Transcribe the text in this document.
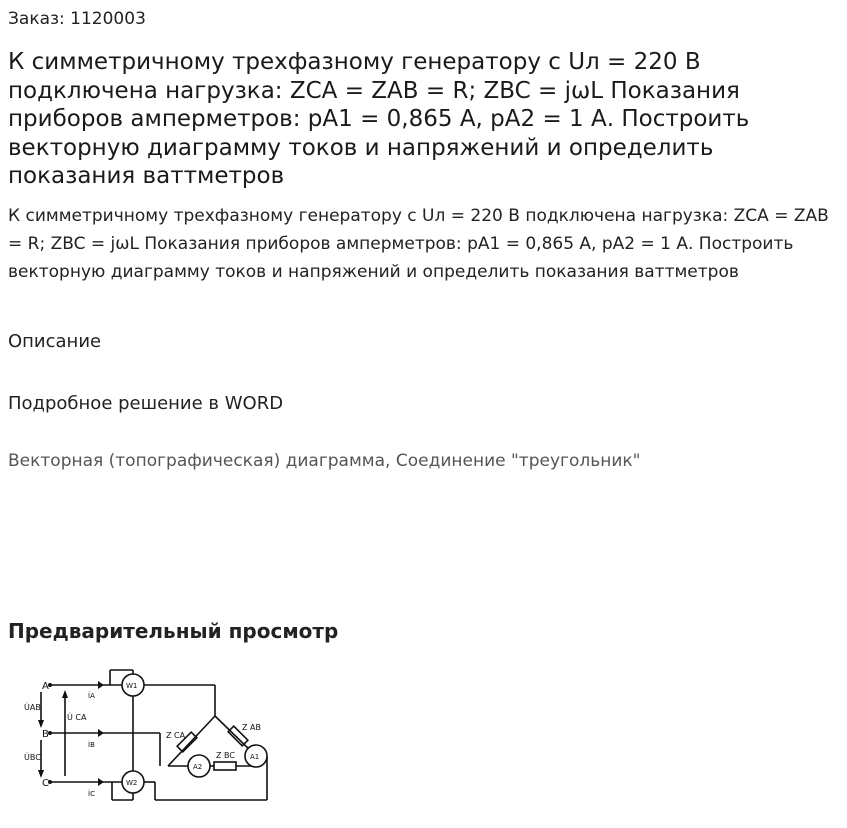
Заказ: 1120003
К симметричному трехфазному генератору с Uл = 220 В подключена нагрузка: ZCA = ZAB = R; ZBC = jωL Показания приборов амперметров: pA1 = 0,865 А, pA2 = 1 А. Построить векторную диаграмму токов и напряжений и определить показания ваттметров
К симметричному трехфазному генератору с Uл = 220 В подключена нагрузка: ZCA = ZAB = R; ZBC = jωL Показания приборов амперметров: pA1 = 0,865 А, pA2 = 1 А. Построить векторную диаграмму токов и напряжений и определить показания ваттметров
Описание
Подробное решение в WORD
Векторная (топографическая) диаграмма, Соединение "треугольник"
Предварительный просмотр
A
B
C
U̇AB
U̇ CA
U̇BC
İA
İB
İC
W1
W2
A1
A2
Z CA
Z AB
Z BC
